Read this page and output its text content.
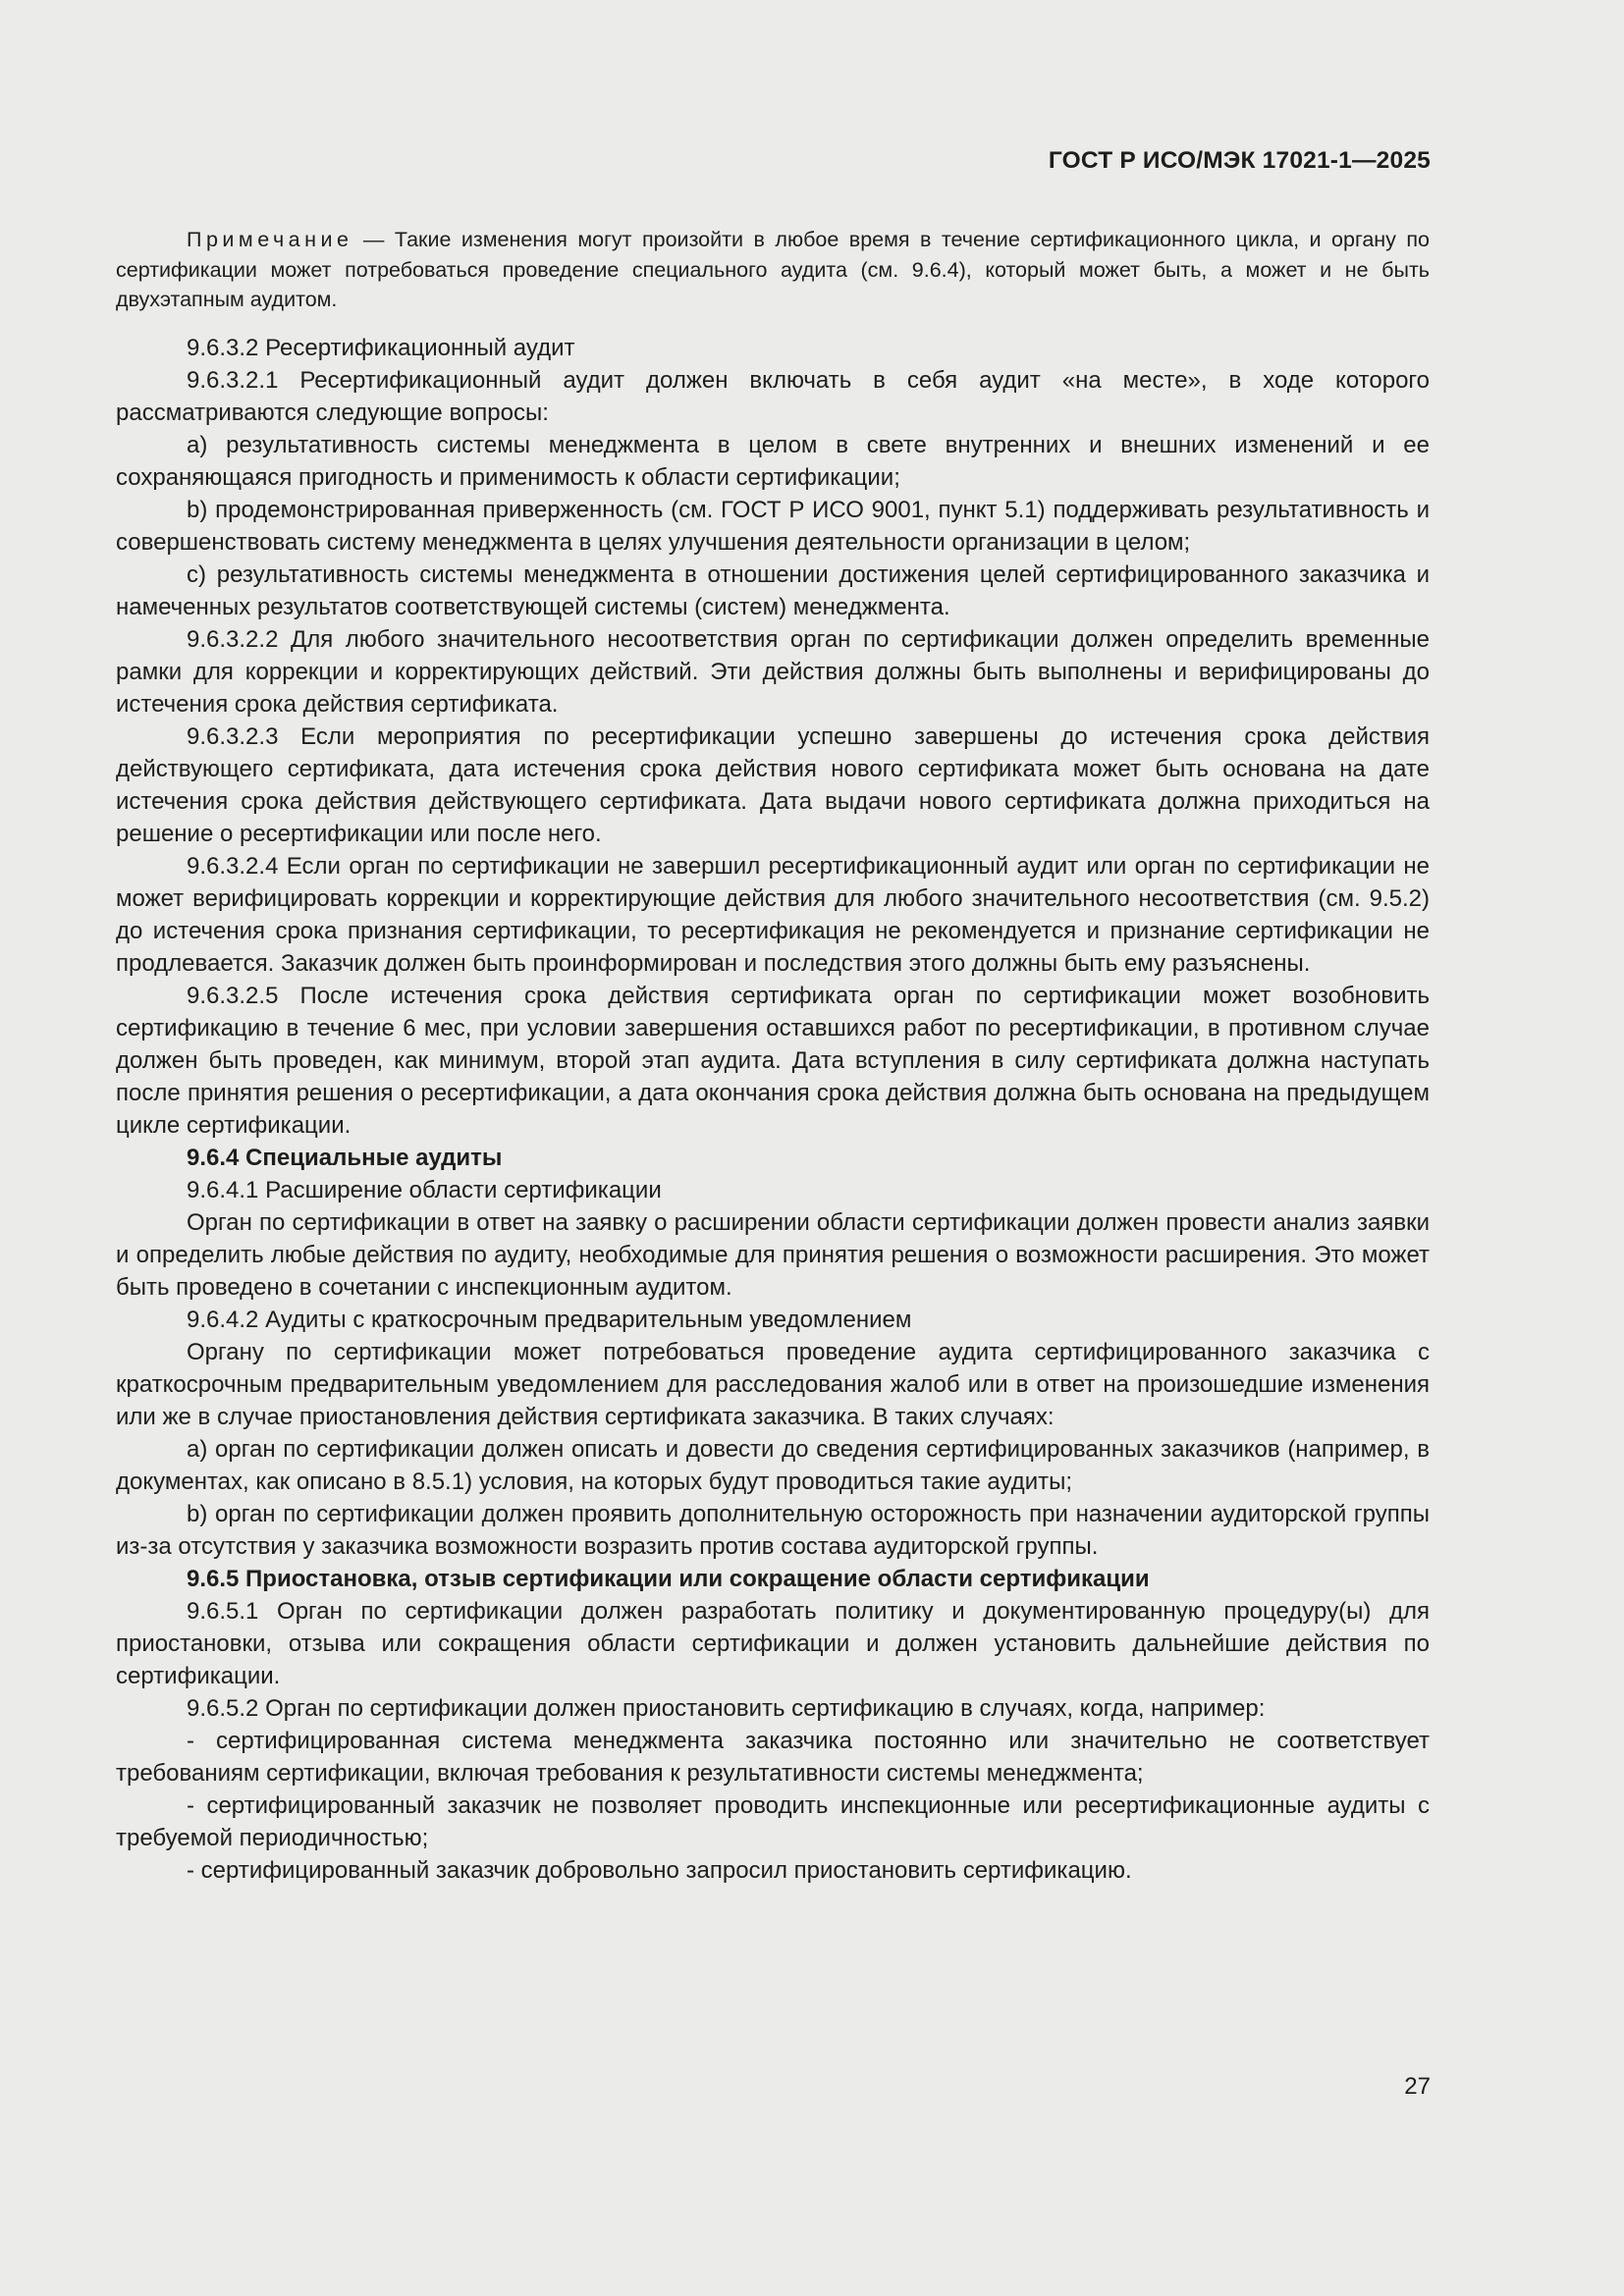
ГОСТ Р ИСО/МЭК 17021-1—2025
Примечание — Такие изменения могут произойти в любое время в течение сертификационного цикла, и органу по сертификации может потребоваться проведение специального аудита (см. 9.6.4), который может быть, а может и не быть двухэтапным аудитом.

9.6.3.2 Ресертификационный аудит

9.6.3.2.1 Ресертификационный аудит должен включать в себя аудит «на месте», в ходе которого рассматриваются следующие вопросы:

a) результативность системы менеджмента в целом в свете внутренних и внешних изменений и ее сохраняющаяся пригодность и применимость к области сертификации;

b) продемонстрированная приверженность (см. ГОСТ Р ИСО 9001, пункт 5.1) поддерживать результативность и совершенствовать систему менеджмента в целях улучшения деятельности организации в целом;

c) результативность системы менеджмента в отношении достижения целей сертифицированного заказчика и намеченных результатов соответствующей системы (систем) менеджмента.

9.6.3.2.2 Для любого значительного несоответствия орган по сертификации должен определить временные рамки для коррекции и корректирующих действий. Эти действия должны быть выполнены и верифицированы до истечения срока действия сертификата.

9.6.3.2.3 Если мероприятия по ресертификации успешно завершены до истечения срока действия действующего сертификата, дата истечения срока действия нового сертификата может быть основана на дате истечения срока действия действующего сертификата. Дата выдачи нового сертификата должна приходиться на решение о ресертификации или после него.

9.6.3.2.4 Если орган по сертификации не завершил ресертификационный аудит или орган по сертификации не может верифицировать коррекции и корректирующие действия для любого значительного несоответствия (см. 9.5.2) до истечения срока признания сертификации, то ресертификация не рекомендуется и признание сертификации не продлевается. Заказчик должен быть проинформирован и последствия этого должны быть ему разъяснены.

9.6.3.2.5 После истечения срока действия сертификата орган по сертификации может возобновить сертификацию в течение 6 мес, при условии завершения оставшихся работ по ресертификации, в противном случае должен быть проведен, как минимум, второй этап аудита. Дата вступления в силу сертификата должна наступать после принятия решения о ресертификации, а дата окончания срока действия должна быть основана на предыдущем цикле сертификации.

9.6.4 Специальные аудиты

9.6.4.1 Расширение области сертификации

Орган по сертификации в ответ на заявку о расширении области сертификации должен провести анализ заявки и определить любые действия по аудиту, необходимые для принятия решения о возможности расширения. Это может быть проведено в сочетании с инспекционным аудитом.

9.6.4.2 Аудиты с краткосрочным предварительным уведомлением

Органу по сертификации может потребоваться проведение аудита сертифицированного заказчика с краткосрочным предварительным уведомлением для расследования жалоб или в ответ на произошедшие изменения или же в случае приостановления действия сертификата заказчика. В таких случаях:

a) орган по сертификации должен описать и довести до сведения сертифицированных заказчиков (например, в документах, как описано в 8.5.1) условия, на которых будут проводиться такие аудиты;

b) орган по сертификации должен проявить дополнительную осторожность при назначении аудиторской группы из-за отсутствия у заказчика возможности возразить против состава аудиторской группы.

9.6.5 Приостановка, отзыв сертификации или сокращение области сертификации

9.6.5.1 Орган по сертификации должен разработать политику и документированную процедуру(ы) для приостановки, отзыва или сокращения области сертификации и должен установить дальнейшие действия по сертификации.

9.6.5.2 Орган по сертификации должен приостановить сертификацию в случаях, когда, например:

- сертифицированная система менеджмента заказчика постоянно или значительно не соответствует требованиям сертификации, включая требования к результативности системы менеджмента;

- сертифицированный заказчик не позволяет проводить инспекционные или ресертификационные аудиты с требуемой периодичностью;

- сертифицированный заказчик добровольно запросил приостановить сертификацию.

27
